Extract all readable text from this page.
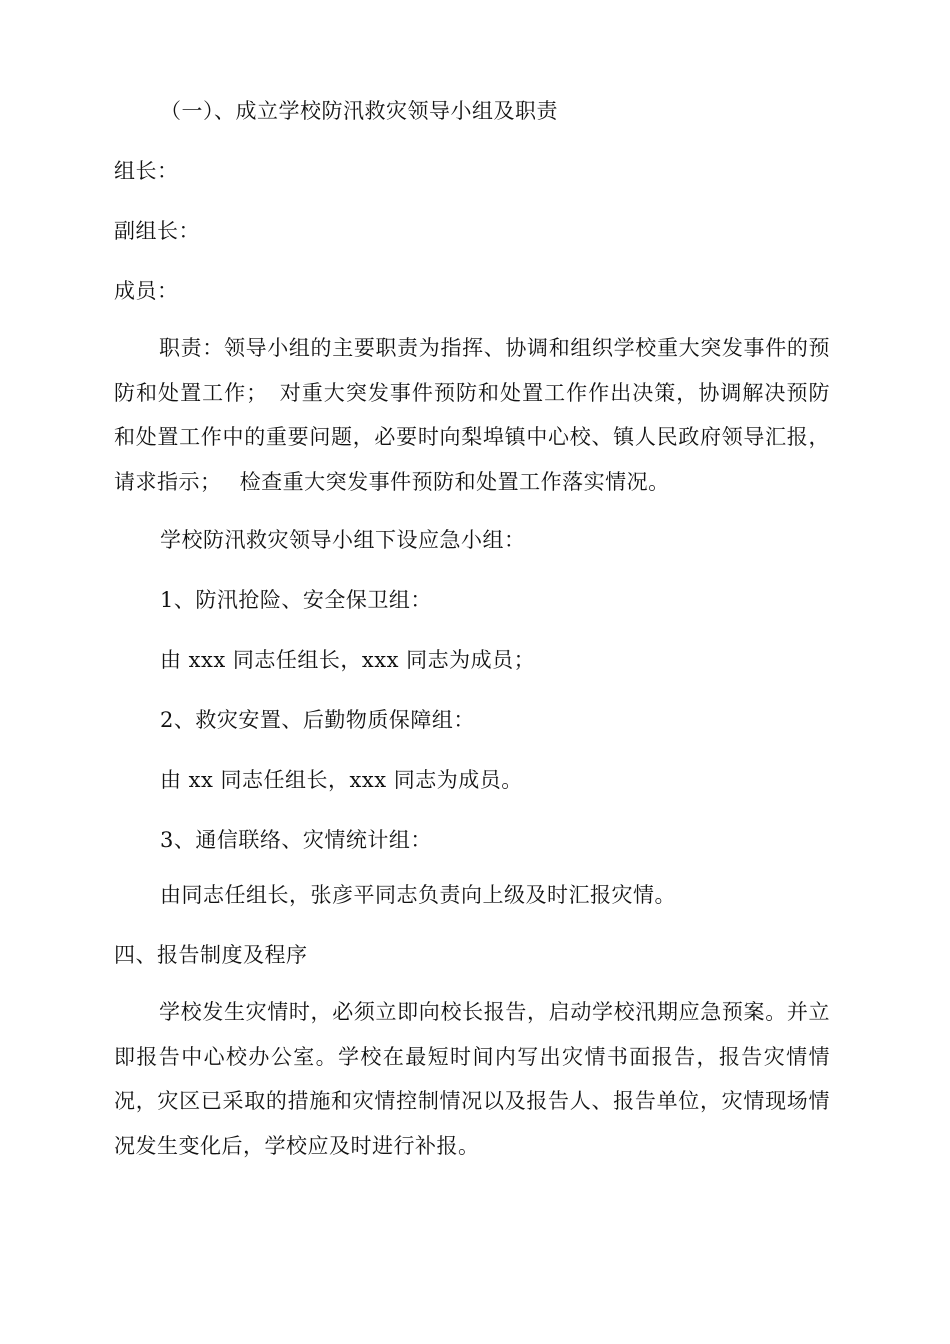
（一）、成立学校防汛救灾领导小组及职责
组长：
副组长：
成员：
职责：领导小组的主要职责为指挥、协调和组织学校重大突发事件的预防和处置工作；　对重大突发事件预防和处置工作作出决策，协调解决预防和处置工作中的重要问题，必要时向梨埠镇中心校、镇人民政府领导汇报，请求指示；　 检查重大突发事件预防和处置工作落实情况。
学校防汛救灾领导小组下设应急小组：
1、防汛抢险、安全保卫组：
由 xxx 同志任组长，xxx 同志为成员；
2、救灾安置、后勤物质保障组：
由 xx 同志任组长，xxx 同志为成员。
3、通信联络、灾情统计组：
由同志任组长，张彦平同志负责向上级及时汇报灾情。
四、报告制度及程序
学校发生灾情时，必须立即向校长报告，启动学校汛期应急预案。并立即报告中心校办公室。学校在最短时间内写出灾情书面报告，报告灾情情况，灾区已采取的措施和灾情控制情况以及报告人、报告单位，灾情现场情况发生变化后，学校应及时进行补报。
